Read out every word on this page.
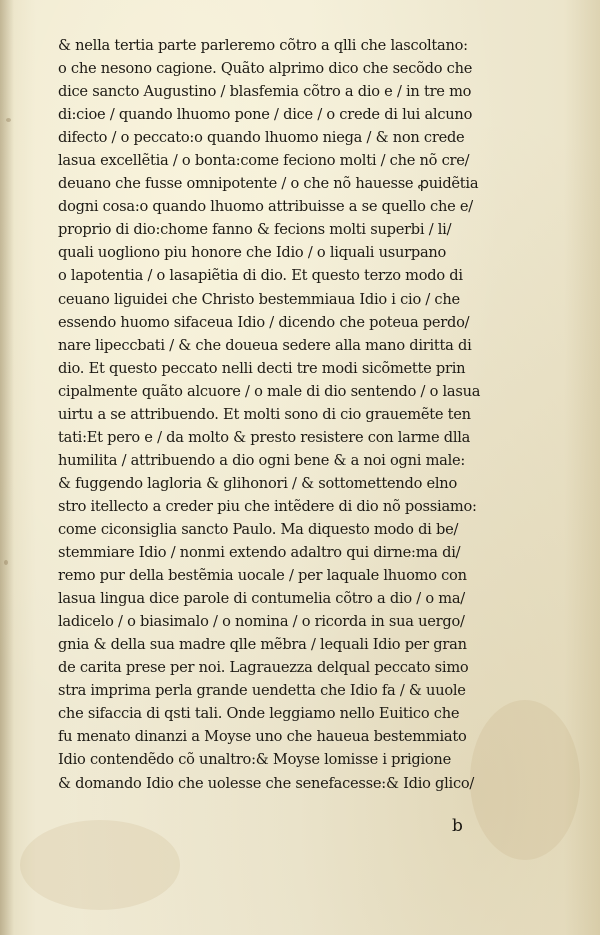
& nella tertia parte parleremo cõtro a qlli che lascoltano:
o che nesono cagione. Quãto alprimo dico che secõdo che
dice sancto Augustino / blasfemia cõtro a dio e / in tre mo
di:cioe / quando lhuomo pone / dice / o crede di lui alcuno
difecto / o peccato:o quando lhuomo niega / & non crede
lasua excellẽtia / o bonta:come feciono molti / che nõ cre/
deuano che fusse omnipotente / o che nõ hauesse ꝓuidẽtia
dogni cosa:o quando lhuomo attribuisse a se quello che e/
proprio di dio:chome fanno & fecions molti superbi / li/
quali uogliono piu honore che Idio / o liquali usurpano
o lapotentia / o lasapiẽtia di dio. Et questo terzo modo di
ceuano liguidei che Christo bestemmiaua Idio i cio / che
essendo huomo sifaceua Idio / dicendo che poteua perdo/
nare lipeccbati / & che doueua sedere alla mano diritta di
dio. Et questo peccato nelli decti tre modi sicõmette prin
cipalmente quãto alcuore / o male di dio sentendo / o lasua
uirtu a se attribuendo. Et molti sono di cio grauemẽte ten
tati:Et pero e / da molto & presto resistere con larme dlla
humilita / attribuendo a dio ogni bene & a noi ogni male:
& fuggendo lagloria & glihonori / & sottomettendo elno
stro itellecto a creder piu che intẽdere di dio nõ possiamo:
come ciconsiglia sancto Paulo. Ma diquesto modo di be/
stemmiare Idio / nonmi extendo adaltro qui dirne:ma di/
remo pur della bestẽmia uocale / per laquale lhuomo con
lasua lingua dice parole di contumelia cõtro a dio / o ma/
ladicelo / o biasimalo / o nomina / o ricorda in sua uergo/
gnia & della sua madre qlle mẽbra / lequali Idio per gran
de carita prese per noi. Lagrauezza delqual peccato simo
stra imprima perla grande uendetta che Idio fa / & uuole
che sifaccia di qsti tali. Onde leggiamo nello Euitico che
fu menato dinanzi a Moyse uno che haueua bestemmiato
Idio contendẽdo cõ unaltro:& Moyse lomisse i prigione
& domando Idio che uolesse che senefacesse:& Idio glico/
b
